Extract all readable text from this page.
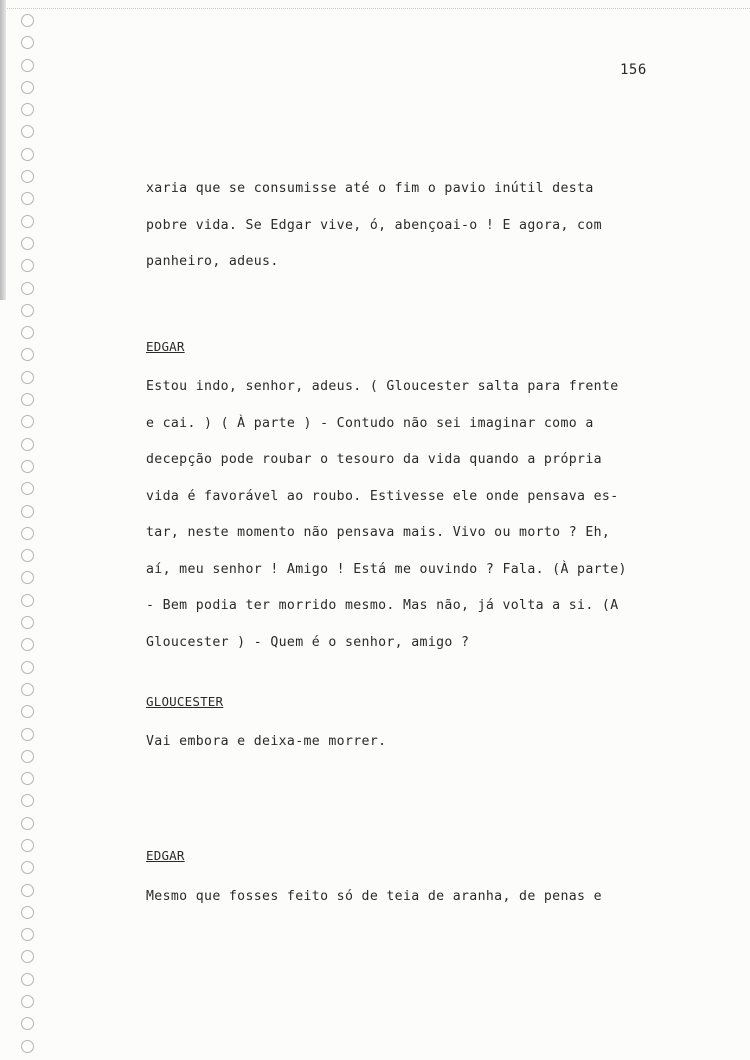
156
xaria que se consumisse até o fim o pavio inútil desta
pobre vida. Se Edgar vive, ó, abençoai-o ! E agora, com
panheiro, adeus.
EDGAR
Estou indo, senhor, adeus. ( Gloucester salta para frente
e cai. ) ( À parte ) - Contudo não sei imaginar como a
decepção pode roubar o tesouro da vida quando a própria
vida é favorável ao roubo. Estivesse ele onde pensava es-
tar, neste momento não pensava mais. Vivo ou morto ? Eh,
aí, meu senhor ! Amigo ! Está me ouvindo ? Fala. (À parte)
- Bem podia ter morrido mesmo. Mas não, já volta a si. (A
Gloucester ) - Quem é o senhor, amigo ?
GLOUCESTER
Vai embora e deixa-me morrer.
EDGAR
Mesmo que fosses feito só de teia de aranha, de penas e
